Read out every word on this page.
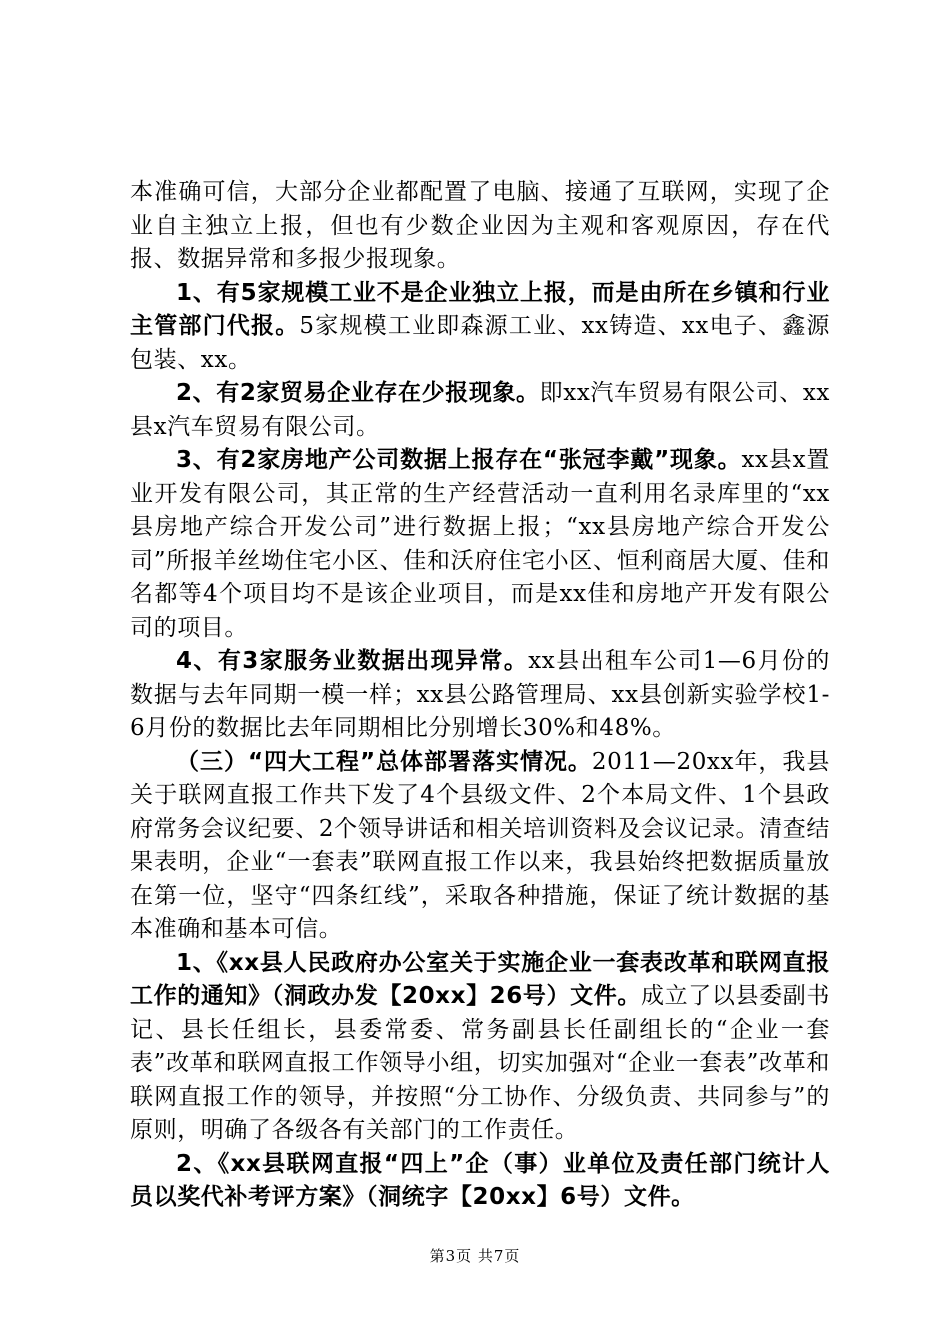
本准确可信，大部分企业都配置了电脑、接通了互联网，实现了企业自主独立上报，但也有少数企业因为主观和客观原因，存在代报、数据异常和多报少报现象。

1、有5家规模工业不是企业独立上报，而是由所在乡镇和行业主管部门代报。5家规模工业即森源工业、xx铸造、xx电子、鑫源包装、xx。

2、有2家贸易企业存在少报现象。即xx汽车贸易有限公司、xx县x汽车贸易有限公司。

3、有2家房地产公司数据上报存在“张冠李戴”现象。xx县x置业开发有限公司，其正常的生产经营活动一直利用名录库里的“xx县房地产综合开发公司”进行数据上报；“xx县房地产综合开发公司”所报羊丝坳住宅小区、佳和沃府住宅小区、恒利商居大厦、佳和名都等4个项目均不是该企业项目，而是xx佳和房地产开发有限公司的项目。

4、有3家服务业数据出现异常。xx县出租车公司1—6月份的数据与去年同期一模一样；xx县公路管理局、xx县创新实验学校1-6月份的数据比去年同期相比分别增长30%和48%。

（三）“四大工程”总体部署落实情况。2011—20xx年，我县关于联网直报工作共下发了4个县级文件、2个本局文件、1个县政府常务会议纪要、2个领导讲话和相关培训资料及会议记录。清查结果表明，企业“一套表”联网直报工作以来，我县始终把数据质量放在第一位，坚守“四条红线”，采取各种措施，保证了统计数据的基本准确和基本可信。

1、《xx县人民政府办公室关于实施企业一套表改革和联网直报工作的通知》（洞政办发【20xx】26号）文件。成立了以县委副书记、县长任组长，县委常委、常务副县长任副组长的“企业一套表”改革和联网直报工作领导小组，切实加强对“企业一套表”改革和联网直报工作的领导，并按照“分工协作、分级负责、共同参与”的原则，明确了各级各有关部门的工作责任。

2、《xx县联网直报“四上”企（事）业单位及责任部门统计人员以奖代补考评方案》（洞统字【20xx】6号）文件。

第3页 共7页
